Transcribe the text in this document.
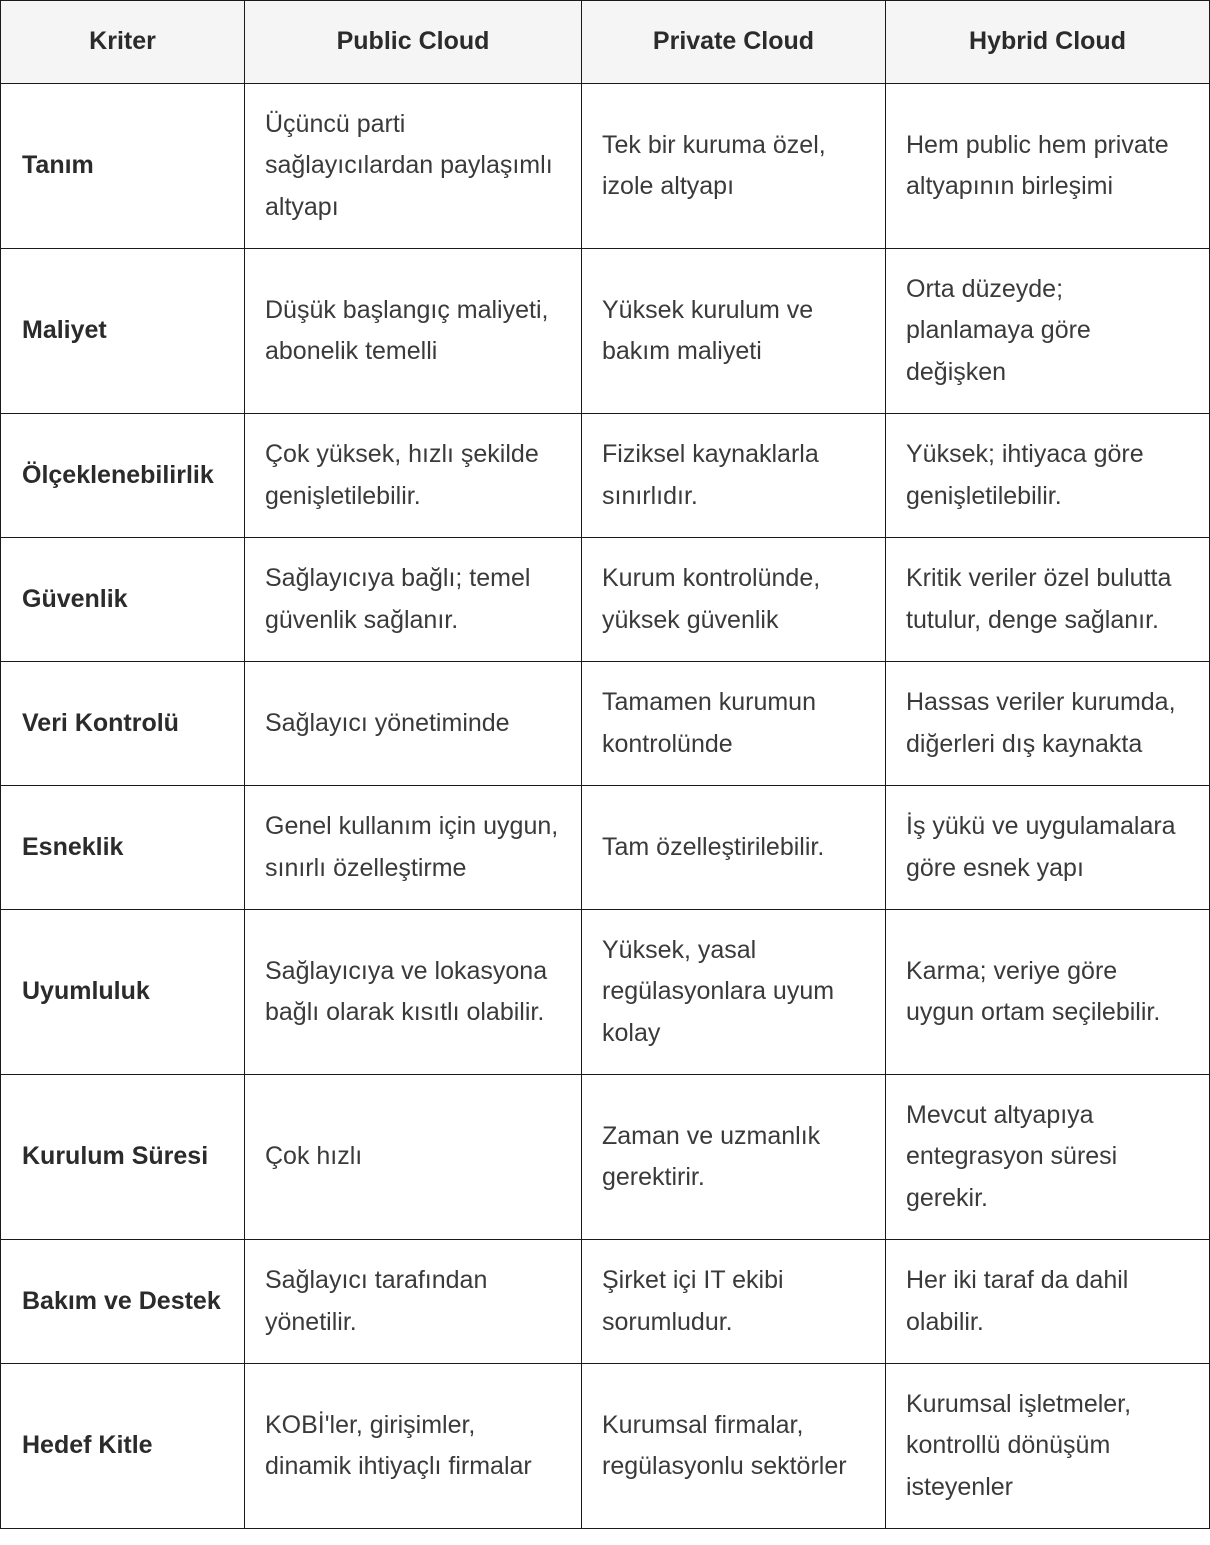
Kriter	Public Cloud	Private Cloud	Hybrid Cloud
Tanım	Üçüncü parti sağlayıcılardan paylaşımlı altyapı	Tek bir kuruma özel, izole altyapı	Hem public hem private altyapının birleşimi
Maliyet	Düşük başlangıç maliyeti, abonelik temelli	Yüksek kurulum ve bakım maliyeti	Orta düzeyde; planlamaya göre değişken
Ölçeklenebilirlik	Çok yüksek, hızlı şekilde genişletilebilir.	Fiziksel kaynaklarla sınırlıdır.	Yüksek; ihtiyaca göre genişletilebilir.
Güvenlik	Sağlayıcıya bağlı; temel güvenlik sağlanır.	Kurum kontrolünde, yüksek güvenlik	Kritik veriler özel bulutta tutulur, denge sağlanır.
Veri Kontrolü	Sağlayıcı yönetiminde	Tamamen kurumun kontrolünde	Hassas veriler kurumda, diğerleri dış kaynakta
Esneklik	Genel kullanım için uygun, sınırlı özelleştirme	Tam özelleştirilebilir.	İş yükü ve uygulamalara göre esnek yapı
Uyumluluk	Sağlayıcıya ve lokasyona bağlı olarak kısıtlı olabilir.	Yüksek, yasal regülasyonlara uyum kolay	Karma; veriye göre uygun ortam seçilebilir.
Kurulum Süresi	Çok hızlı	Zaman ve uzmanlık gerektirir.	Mevcut altyapıya entegrasyon süresi gerekir.
Bakım ve Destek	Sağlayıcı tarafından yönetilir.	Şirket içi IT ekibi sorumludur.	Her iki taraf da dahil olabilir.
Hedef Kitle	KOBİ'ler, girişimler, dinamik ihtiyaçlı firmalar	Kurumsal firmalar, regülasyonlu sektörler	Kurumsal işletmeler, kontrollü dönüşüm isteyenler
